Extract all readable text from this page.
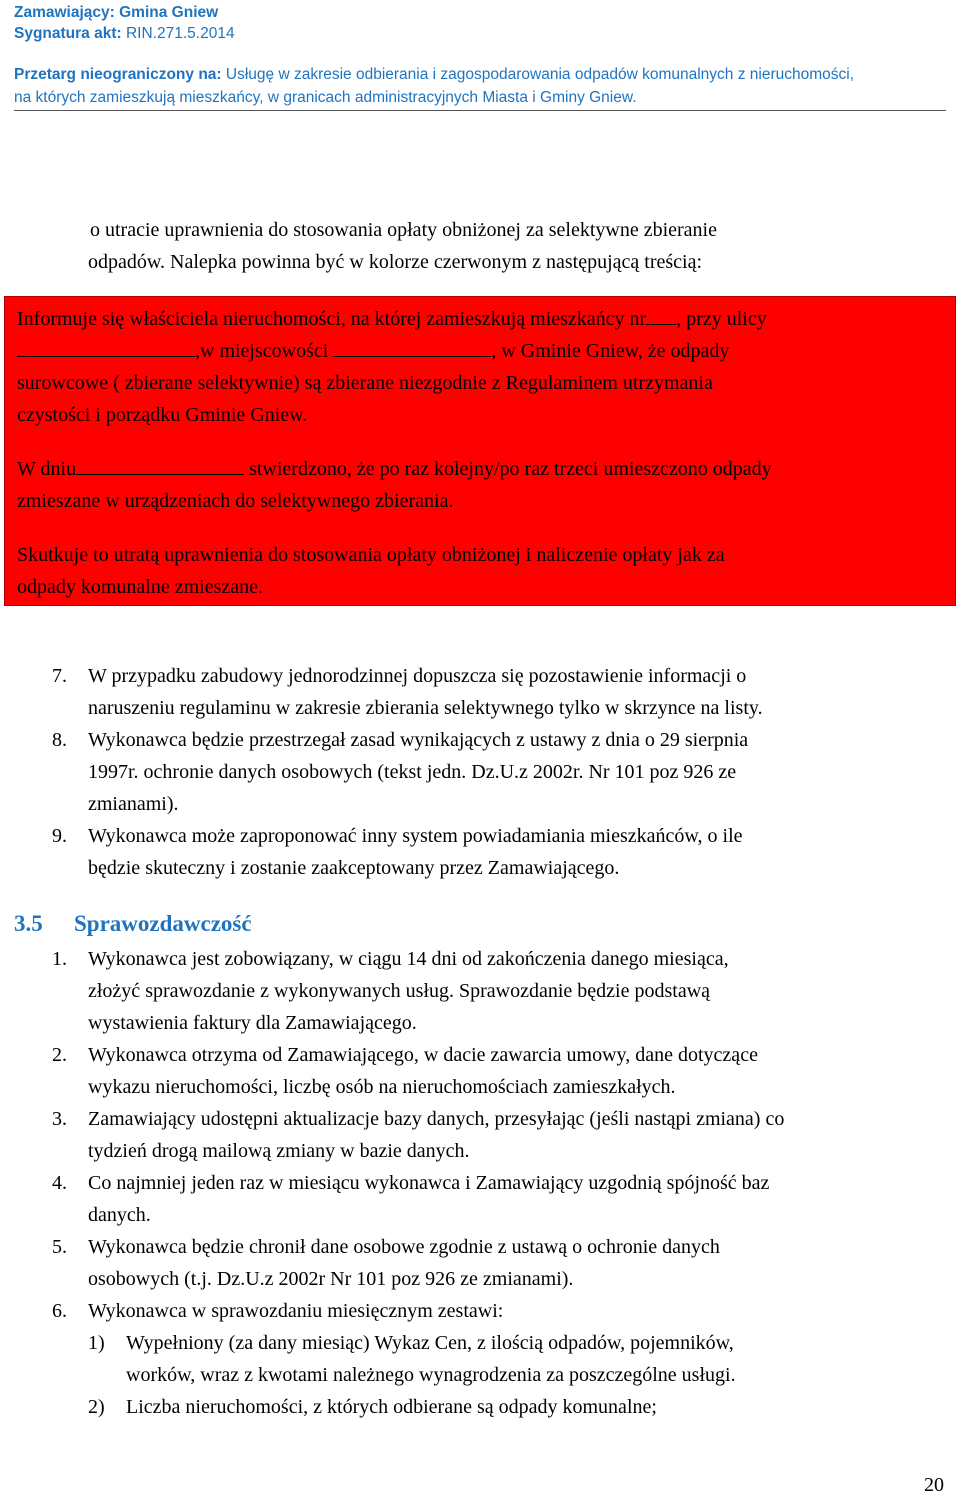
Zamawiający: Gmina Gniew
Sygnatura akt: RIN.271.5.2014
Przetarg nieograniczony na: Usługę w zakresie odbierania i zagospodarowania odpadów komunalnych z nieruchomości,
na których zamieszkują mieszkańcy, w granicach administracyjnych Miasta i Gminy Gniew.

o utracie uprawnienia do stosowania opłaty obniżonej za selektywne zbieranie

odpadów. Nalepka powinna być w kolorze czerwonym z następującą treścią:

Informuje się właściciela nieruchomości, na której zamieszkują mieszkańcy nr , przy ulicy
,w miejscowości	, w Gminie Gniew, że odpady
surowcowe ( zbierane selektywnie) są zbierane niezgodnie z Regulaminem utrzymania
czystości i porządku Gminie Gniew.

W dniu	stwierdzono, że po raz kolejny/po raz trzeci umieszczono odpady
zmieszane w urządzeniach do selektywnego zbierania.

Skutkuje to utratą uprawnienia do stosowania opłaty obniżonej i naliczenie opłaty jak za
odpady komunalne zmieszane.

7. W przypadku zabudowy jednorodzinnej dopuszcza się pozostawienie informacji o
naruszeniu regulaminu w zakresie zbierania selektywnego tylko w skrzynce na listy.
8. Wykonawca będzie przestrzegał zasad wynikających z ustawy z dnia o 29 sierpnia
1997r. ochronie danych osobowych (tekst jedn. Dz.U.z 2002r. Nr 101 poz 926 ze
zmianami).
9. Wykonawca może zaproponować inny system powiadamiania mieszkańców, o ile
będzie skuteczny i zostanie zaakceptowany przez Zamawiającego.
3.5 Sprawozdawczość
1. Wykonawca jest zobowiązany, w ciągu 14 dni od zakończenia danego miesiąca,
złożyć sprawozdanie z wykonywanych usług. Sprawozdanie będzie podstawą
wystawienia faktury dla Zamawiającego.
2. Wykonawca otrzyma od Zamawiającego, w dacie zawarcia umowy, dane dotyczące
wykazu nieruchomości, liczbę osób na nieruchomościach zamieszkałych.
3. Zamawiający udostępni aktualizacje bazy danych, przesyłając (jeśli nastąpi zmiana) co
tydzień drogą mailową zmiany w bazie danych.
4. Co najmniej jeden raz w miesiącu wykonawca i Zamawiający uzgodnią spójność baz
danych.
5. Wykonawca będzie chronił dane osobowe zgodnie z ustawą o ochronie danych
osobowych (t.j. Dz.U.z 2002r Nr 101 poz 926 ze zmianami).
6. Wykonawca w sprawozdaniu miesięcznym zestawi:
1) Wypełniony (za dany miesiąc) Wykaz Cen, z ilością odpadów, pojemników,
worków, wraz z kwotami należnego wynagrodzenia za poszczególne usługi.
2) Liczba nieruchomości, z których odbierane są odpady komunalne;
20
